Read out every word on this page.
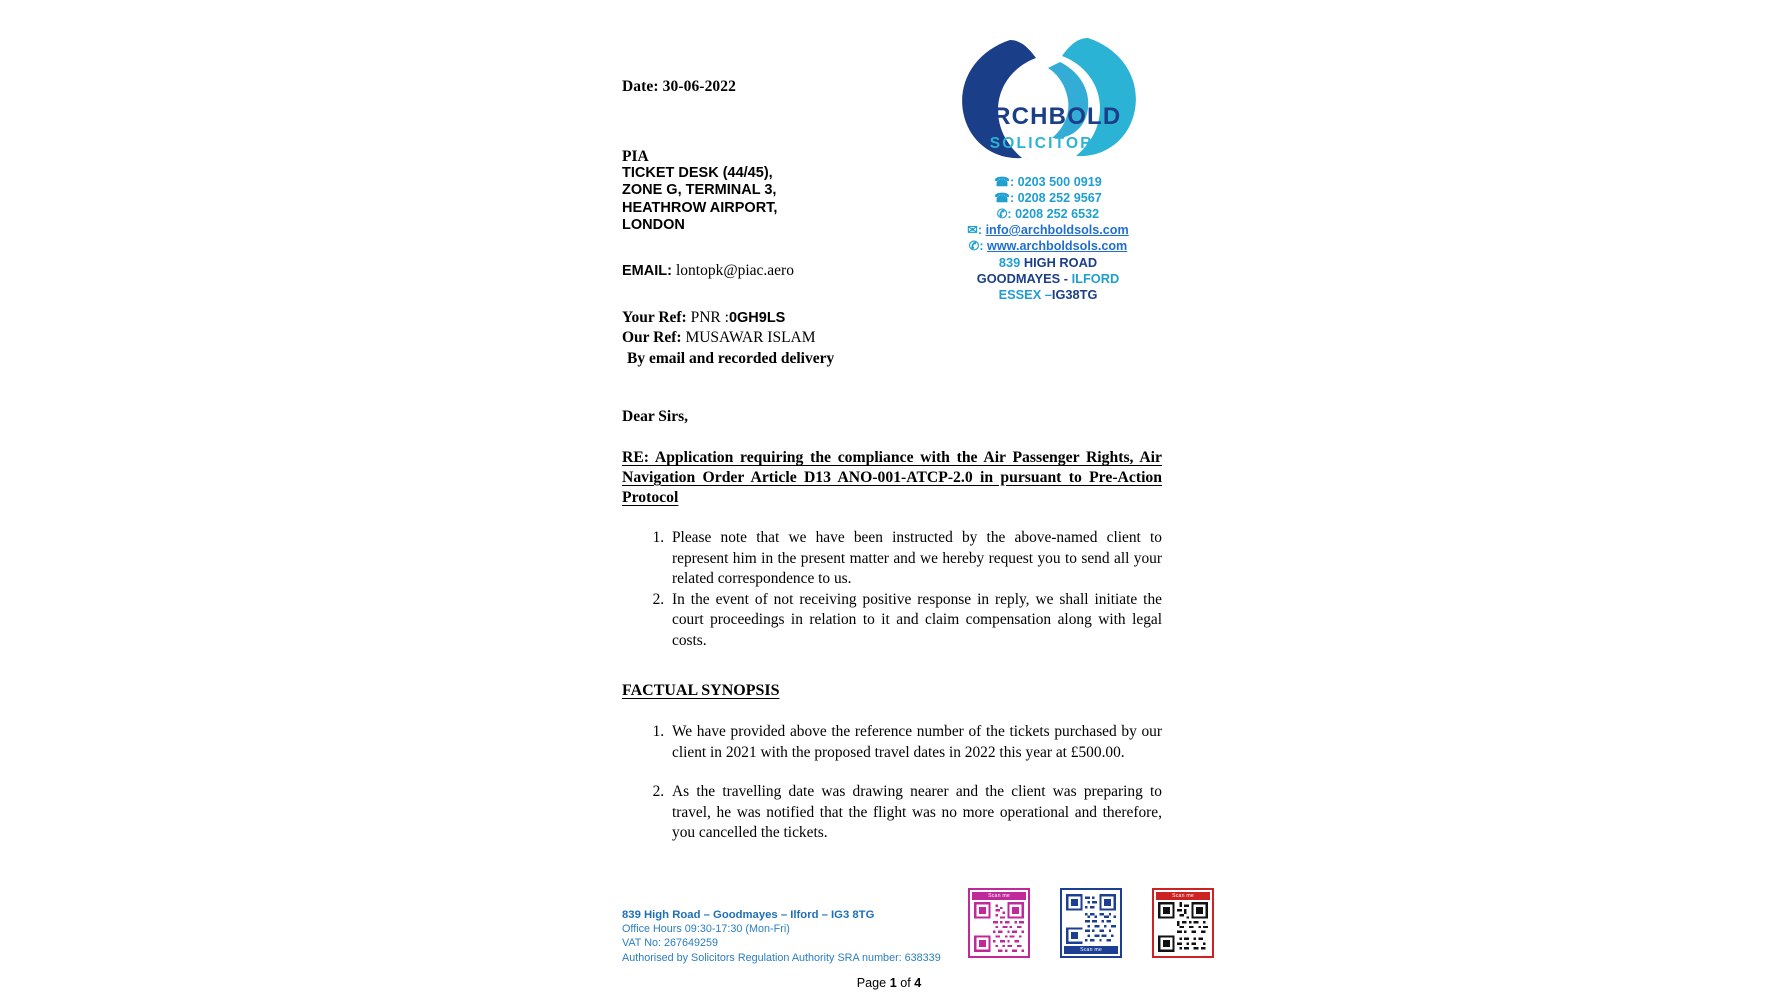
Date: 30-06-2022
PIA
TICKET DESK (44/45),
ZONE G, TERMINAL 3,
HEATHROW AIRPORT,
LONDON
EMAIL: lontopk@piac.aero
Your Ref: PNR :0GH9LS
Our Ref: MUSAWAR ISLAM
By email and recorded delivery
Dear Sirs,
ARCHBOLD
SOLICITORS
☎: 0203 500 0919
☎: 0208 252 9567
✆: 0208 252 6532
✉: info@archboldsols.com
✆: www.archboldsols.com
839 HIGH ROAD
GOODMAYES - ILFORD
ESSEX –IG38TG
RE: Application requiring the compliance with the Air Passenger Rights, Air Navigation Order Article D13 ANO-001-ATCP-2.0 in pursuant to Pre-Action Protocol
1. Please note that we have been instructed by the above-named client to represent him in the present matter and we hereby request you to send all your related correspondence to us.
2. In the event of not receiving positive response in reply, we shall initiate the court proceedings in relation to it and claim compensation along with legal costs.
FACTUAL SYNOPSIS
1. We have provided above the reference number of the tickets purchased by our client in 2021 with the proposed travel dates in 2022 this year at £500.00.
2. As the travelling date was drawing nearer and the client was preparing to travel, he was notified that the flight was no more operational and therefore, you cancelled the tickets.
839 High Road – Goodmayes – Ilford – IG3 8TG
Office Hours 09:30-17:30 (Mon-Fri)
VAT No: 267649259
Authorised by Solicitors Regulation Authority SRA number: 638339
Scan me
Scan me
Scan me
Page 1 of 4
